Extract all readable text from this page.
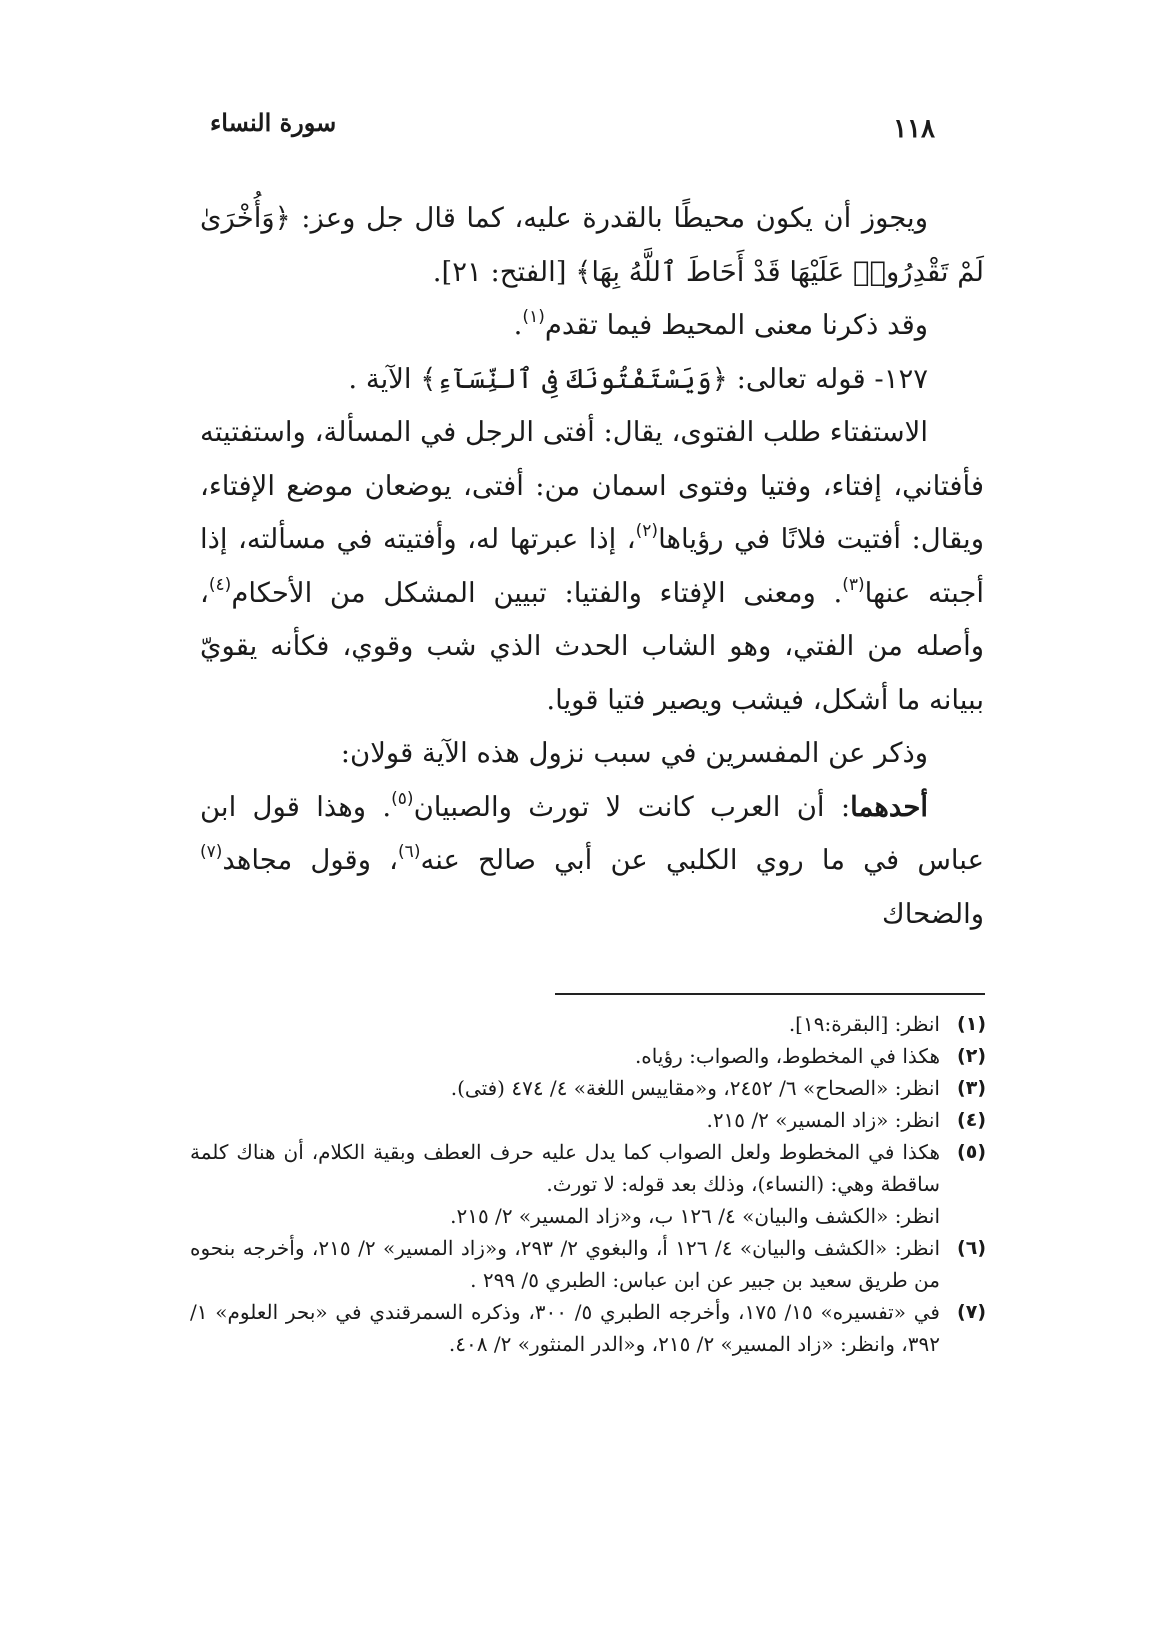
سورة النساء	١١٨

ويجوز أن يكون محيطًا بالقدرة عليه، كما قال جل وعز: ﴿وَأُخْرَىٰ لَمْ تَقْدِرُوا۟ عَلَيْهَا قَدْ أَحَاطَ ٱللَّهُ بِهَا﴾ [الفتح: ٢١].

وقد ذكرنا معنى المحيط فيما تقدم$^{(١)}$.

١٢٧- قوله تعالى: ﴿وَيَسْتَفْتُونَكَ فِى ٱلنِّسَآءِ﴾ الآية .

الاستفتاء طلب الفتوى، يقال: أفتى الرجل في المسألة، واستفتيته فأفتاني، إفتاء، وفتيا وفتوى اسمان من: أفتى، يوضعان موضع الإفتاء، ويقال: أفتيت فلانًا في رؤياها$^{(٢)}$، إذا عبرتها له، وأفتيته في مسألته، إذا أجبته عنها$^{(٣)}$. ومعنى الإفتاء والفتيا: تبيين المشكل من الأحكام$^{(٤)}$، وأصله من الفتي، وهو الشاب الحدث الذي شب وقوي، فكأنه يقويّ ببيانه ما أشكل، فيشب ويصير فتيا قويا.

وذكر عن المفسرين في سبب نزول هذه الآية قولان:

أحدهما: أن العرب كانت لا تورث والصبيان$^{(٥)}$. وهذا قول ابن عباس في ما روي الكلبي عن أبي صالح عنه$^{(٦)}$، وقول مجاهد$^{(٧)}$ والضحاك

(١)
انظر: [البقرة:١٩].
(٢)
هكذا في المخطوط، والصواب: رؤياه.
(٣)
انظر: «الصحاح» ٦/ ٢٤٥٢، و«مقاييس اللغة» ٤/ ٤٧٤ (فتى).
(٤)
انظر: «زاد المسير» ٢/ ٢١٥.
(٥)
هكذا في المخطوط ولعل الصواب كما يدل عليه حرف العطف وبقية الكلام، أن هناك كلمة ساقطة وهي: (النساء)، وذلك بعد قوله: لا تورث.
انظر: «الكشف والبيان» ٤/ ١٢٦ ب، و«زاد المسير» ٢/ ٢١٥.
(٦)
انظر: «الكشف والبيان» ٤/ ١٢٦ أ، والبغوي ٢/ ٢٩٣، و«زاد المسير» ٢/ ٢١٥، وأخرجه بنحوه من طريق سعيد بن جبير عن ابن عباس: الطبري ٥/ ٢٩٩ .
(٧)
في «تفسيره» ١٥/ ١٧٥، وأخرجه الطبري ٥/ ٣٠٠، وذكره السمرقندي في «بحر العلوم» ١/ ٣٩٢، وانظر: «زاد المسير» ٢/ ٢١٥، و«الدر المنثور» ٢/ ٤٠٨.
